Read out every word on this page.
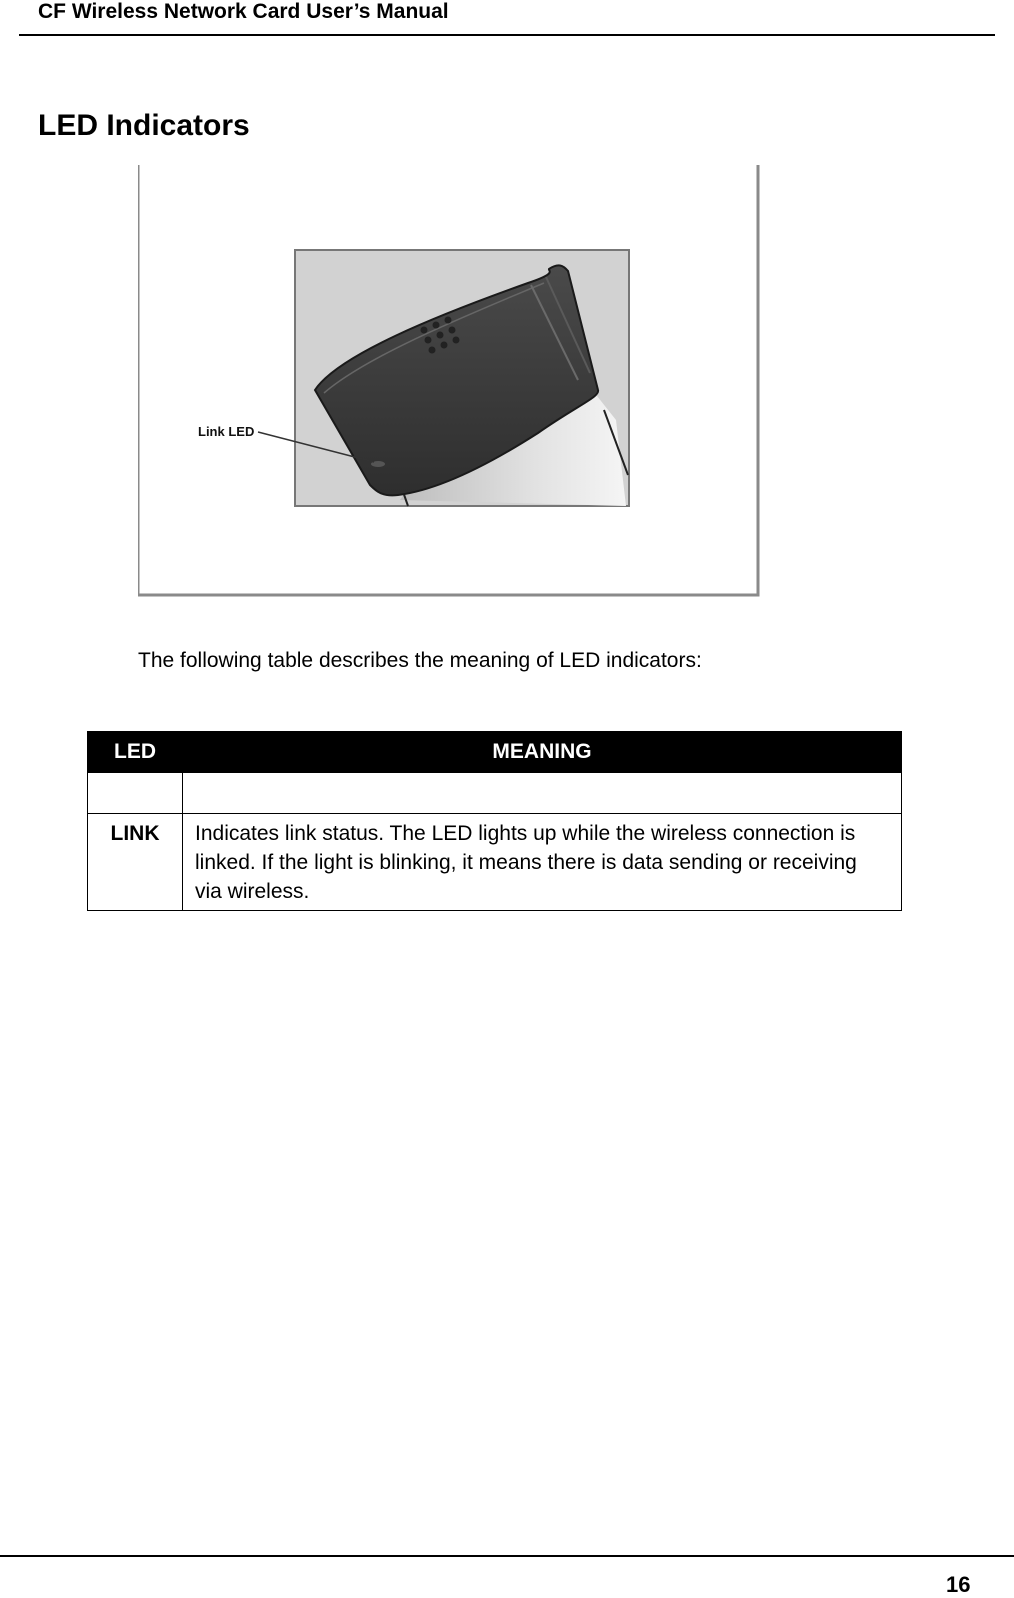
CF Wireless Network Card User’s Manual
LED Indicators
Link LED
The following table describes the meaning of LED indicators:
LED	MEANING

LINK	Indicates link status. The LED lights up while the wireless connection is linked. If the light is blinking, it means there is data sending or receiving via wireless.
16
